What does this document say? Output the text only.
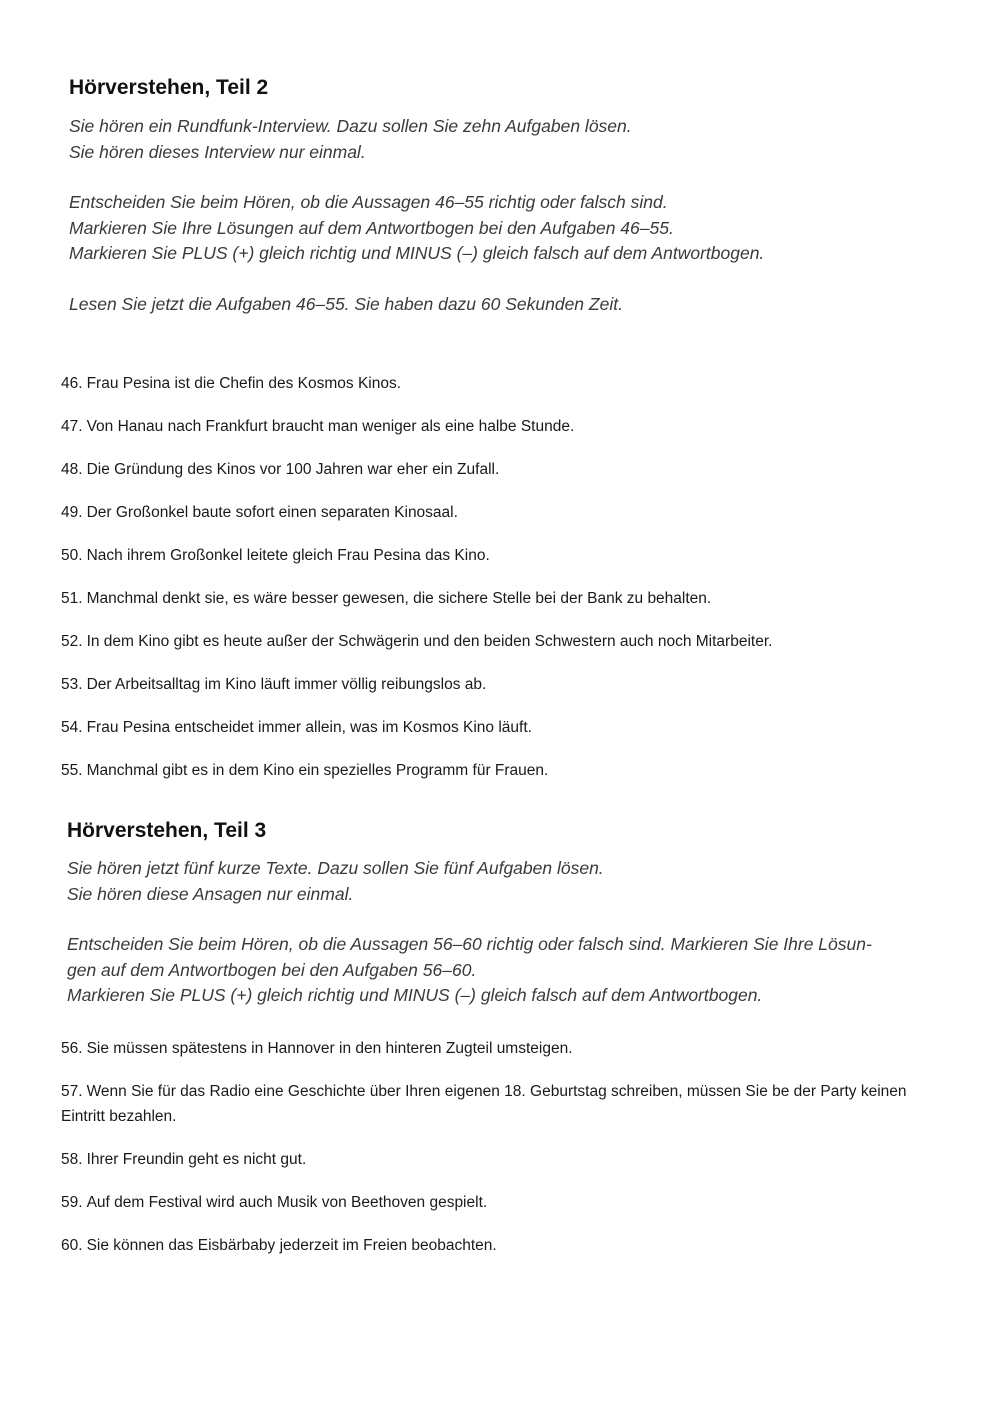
Hörverstehen, Teil 2

Sie hören ein Rundfunk-Interview. Dazu sollen Sie zehn Aufgaben lösen.

Sie hören dieses Interview nur einmal.

Entscheiden Sie beim Hören, ob die Aussagen 46–55 richtig oder falsch sind.

Markieren Sie Ihre Lösungen auf dem Antwortbogen bei den Aufgaben 46–55.

Markieren Sie PLUS (+) gleich richtig und MINUS (–) gleich falsch auf dem Antwortbogen.

Lesen Sie jetzt die Aufgaben 46–55. Sie haben dazu 60 Sekunden Zeit.

46. Frau Pesina ist die Chefin des Kosmos Kinos.

47. Von Hanau nach Frankfurt braucht man weniger als eine halbe Stunde.

48. Die Gründung des Kinos vor 100 Jahren war eher ein Zufall.

49. Der Großonkel baute sofort einen separaten Kinosaal.

50. Nach ihrem Großonkel leitete gleich Frau Pesina das Kino.

51. Manchmal denkt sie, es wäre besser gewesen, die sichere Stelle bei der Bank zu behalten.

52. In dem Kino gibt es heute außer der Schwägerin und den beiden Schwestern auch noch Mitarbeiter.

53. Der Arbeitsalltag im Kino läuft immer völlig reibungslos ab.

54. Frau Pesina entscheidet immer allein, was im Kosmos Kino läuft.

55. Manchmal gibt es in dem Kino ein spezielles Programm für Frauen.

Hörverstehen, Teil 3

Sie hören jetzt fünf kurze Texte. Dazu sollen Sie fünf Aufgaben lösen.

Sie hören diese Ansagen nur einmal.

Entscheiden Sie beim Hören, ob die Aussagen 56–60 richtig oder falsch sind. Markieren Sie Ihre Lösun-

gen auf dem Antwortbogen bei den Aufgaben 56–60.

Markieren Sie PLUS (+) gleich richtig und MINUS (–) gleich falsch auf dem Antwortbogen.

56. Sie müssen spätestens in Hannover in den hinteren Zugteil umsteigen.

57. Wenn Sie für das Radio eine Geschichte über Ihren eigenen 18. Geburtstag schreiben, müssen Sie be der Party keinen Eintritt bezahlen.

58. Ihrer Freundin geht es nicht gut.

59. Auf dem Festival wird auch Musik von Beethoven gespielt.

60. Sie können das Eisbärbaby jederzeit im Freien beobachten.
